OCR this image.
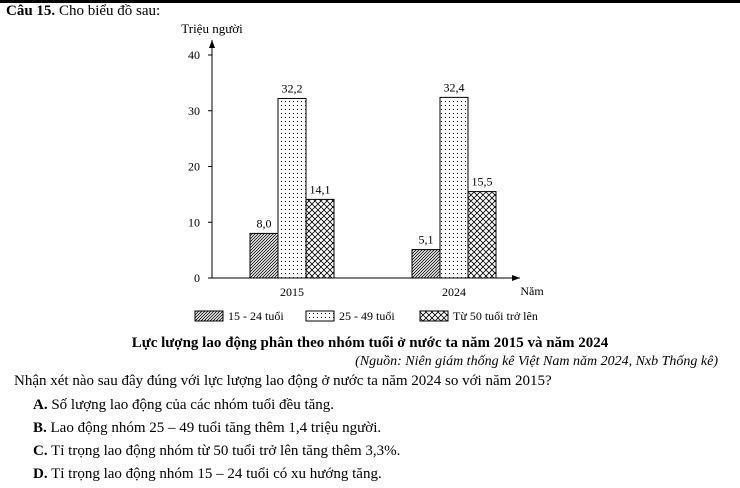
Câu 15. Cho biểu đồ sau:
Triệu người
0
10
20
30
40
Năm
8,0
32,2
14,1
2015
5,1
32,4
15,5
2024
15 - 24 tuổi	25 - 49 tuổi	Từ 50 tuổi trở lên
Lực lượng lao động phân theo nhóm tuổi ở nước ta năm 2015 và năm 2024
(Nguồn: Niên giám thống kê Việt Nam năm 2024, Nxb Thống kê)
Nhận xét nào sau đây đúng với lực lượng lao động ở nước ta năm 2024 so với năm 2015?
A. Số lượng lao động của các nhóm tuổi đều tăng.
B. Lao động nhóm 25 – 49 tuổi tăng thêm 1,4 triệu người.
C. Tỉ trọng lao động nhóm từ 50 tuổi trở lên tăng thêm 3,3%.
D. Tỉ trọng lao động nhóm 15 – 24 tuổi có xu hướng tăng.
